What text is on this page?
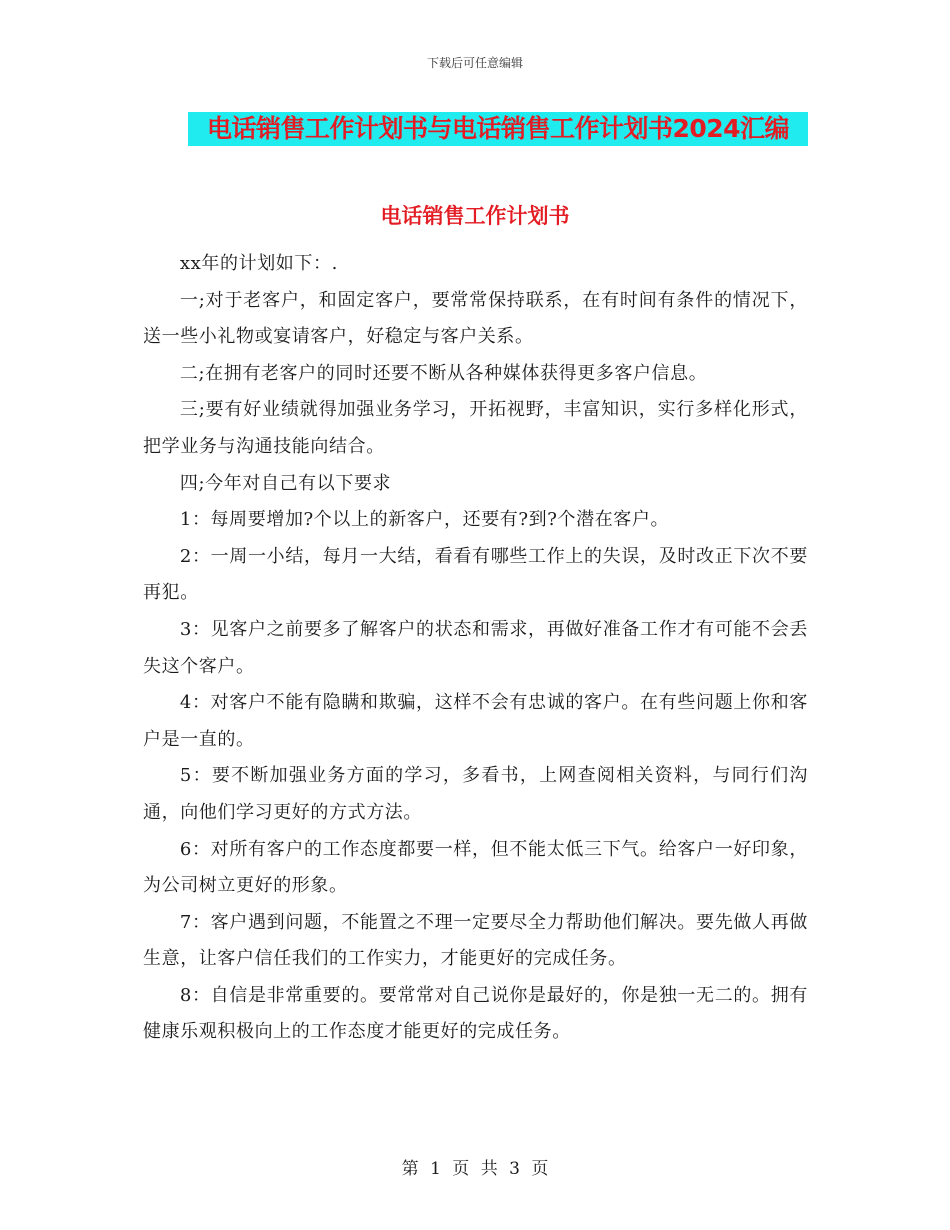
下载后可任意编辑
电话销售工作计划书与电话销售工作计划书2024汇编
电话销售工作计划书

xx年的计划如下：.

一;对于老客户，和固定客户，要常常保持联系，在有时间有条件的情况下，送一些小礼物或宴请客户，好稳定与客户关系。

二;在拥有老客户的同时还要不断从各种媒体获得更多客户信息。

三;要有好业绩就得加强业务学习，开拓视野，丰富知识，实行多样化形式，把学业务与沟通技能向结合。

四;今年对自己有以下要求

1：每周要增加?个以上的新客户，还要有?到?个潜在客户。

2：一周一小结，每月一大结，看看有哪些工作上的失误，及时改正下次不要再犯。

3：见客户之前要多了解客户的状态和需求，再做好准备工作才有可能不会丢失这个客户。

4：对客户不能有隐瞒和欺骗，这样不会有忠诚的客户。在有些问题上你和客户是一直的。

5：要不断加强业务方面的学习，多看书，上网查阅相关资料，与同行们沟通，向他们学习更好的方式方法。

6：对所有客户的工作态度都要一样，但不能太低三下气。给客户一好印象，为公司树立更好的形象。

7：客户遇到问题，不能置之不理一定要尽全力帮助他们解决。要先做人再做生意，让客户信任我们的工作实力，才能更好的完成任务。

8：自信是非常重要的。要常常对自己说你是最好的，你是独一无二的。拥有健康乐观积极向上的工作态度才能更好的完成任务。

第 1 页 共 3 页
